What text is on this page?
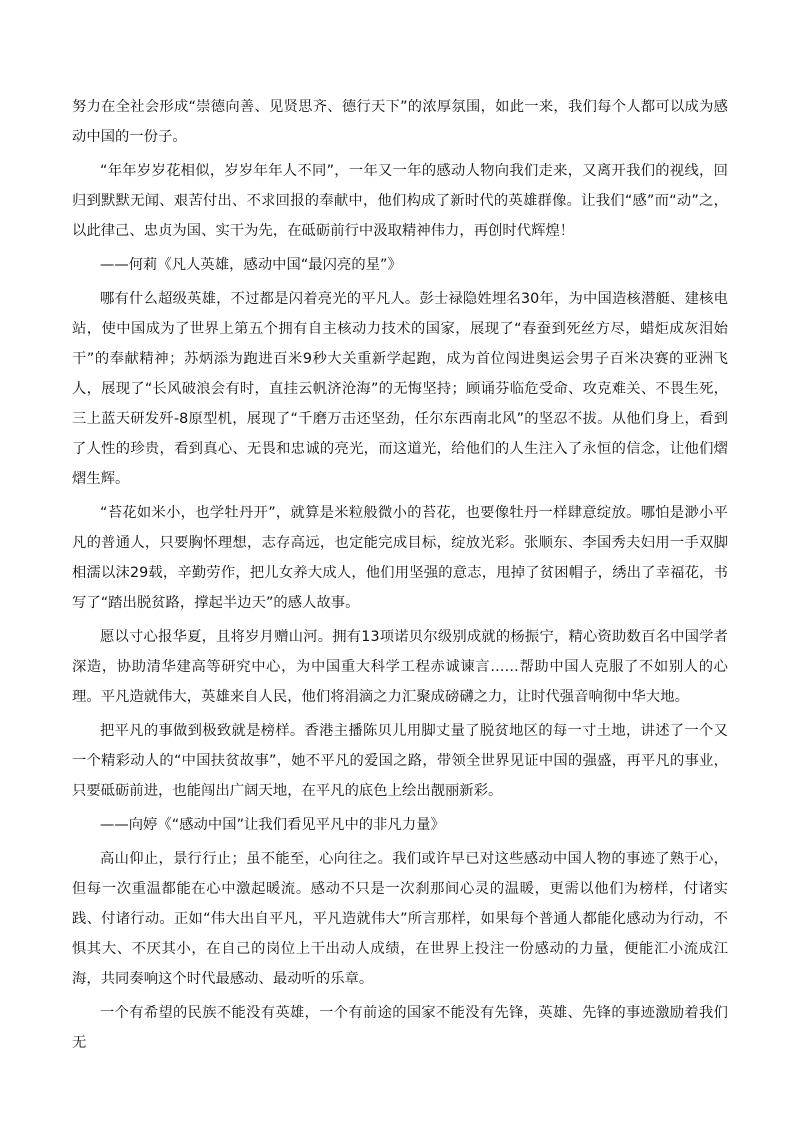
努力在全社会形成“崇德向善、见贤思齐、德行天下”的浓厚氛围，如此一来，我们每个人都可以成为感动中国的一份子。

“年年岁岁花相似，岁岁年年人不同”，一年又一年的感动人物向我们走来，又离开我们的视线，回归到默默无闻、艰苦付出、不求回报的奉献中，他们构成了新时代的英雄群像。让我们“感”而“动”之，以此律己、忠贞为国、实干为先，在砥砺前行中汲取精神伟力，再创时代辉煌！

——何莉《凡人英雄，感动中国“最闪亮的星”》

哪有什么超级英雄，不过都是闪着亮光的平凡人。彭士禄隐姓埋名30年，为中国造核潜艇、建核电站，使中国成为了世界上第五个拥有自主核动力技术的国家，展现了“春蚕到死丝方尽，蜡炬成灰泪始干”的奉献精神；苏炳添为跑进百米9秒大关重新学起跑，成为首位闯进奥运会男子百米决赛的亚洲飞人，展现了“长风破浪会有时，直挂云帆济沧海”的无悔坚持；顾诵芬临危受命、攻克难关、不畏生死，三上蓝天研发歼-8原型机，展现了“千磨万击还坚劲，任尔东西南北风”的坚忍不拔。从他们身上，看到了人性的珍贵，看到真心、无畏和忠诚的亮光，而这道光，给他们的人生注入了永恒的信念，让他们熠熠生辉。

“苔花如米小，也学牡丹开”，就算是米粒般微小的苔花，也要像牡丹一样肆意绽放。哪怕是渺小平凡的普通人，只要胸怀理想，志存高远，也定能完成目标，绽放光彩。张顺东、李国秀夫妇用一手双脚相濡以沫29载，辛勤劳作，把儿女养大成人，他们用坚强的意志，甩掉了贫困帽子，绣出了幸福花，书写了“踏出脱贫路，撑起半边天”的感人故事。

愿以寸心报华夏，且将岁月赠山河。拥有13项诺贝尔级别成就的杨振宁，精心资助数百名中国学者深造，协助清华建高等研究中心，为中国重大科学工程赤诚谏言……帮助中国人克服了不如别人的心理。平凡造就伟大，英雄来自人民，他们将涓滴之力汇聚成磅礴之力，让时代强音响彻中华大地。

把平凡的事做到极致就是榜样。香港主播陈贝儿用脚丈量了脱贫地区的每一寸土地，讲述了一个又一个精彩动人的“中国扶贫故事”，她不平凡的爱国之路，带领全世界见证中国的强盛，再平凡的事业，只要砥砺前进，也能闯出广阔天地，在平凡的底色上绘出靓丽新彩。

——向婷《“感动中国”让我们看见平凡中的非凡力量》

高山仰止，景行行止；虽不能至，心向往之。我们或许早已对这些感动中国人物的事迹了熟于心，但每一次重温都能在心中激起暖流。感动不只是一次刹那间心灵的温暖，更需以他们为榜样，付诸实践、付诸行动。正如“伟大出自平凡，平凡造就伟大”所言那样，如果每个普通人都能化感动为行动，不惧其大、不厌其小，在自己的岗位上干出动人成绩，在世界上投注一份感动的力量，便能汇小流成江海，共同奏响这个时代最感动、最动听的乐章。

一个有希望的民族不能没有英雄，一个有前途的国家不能没有先锋，英雄、先锋的事迹激励着我们无
